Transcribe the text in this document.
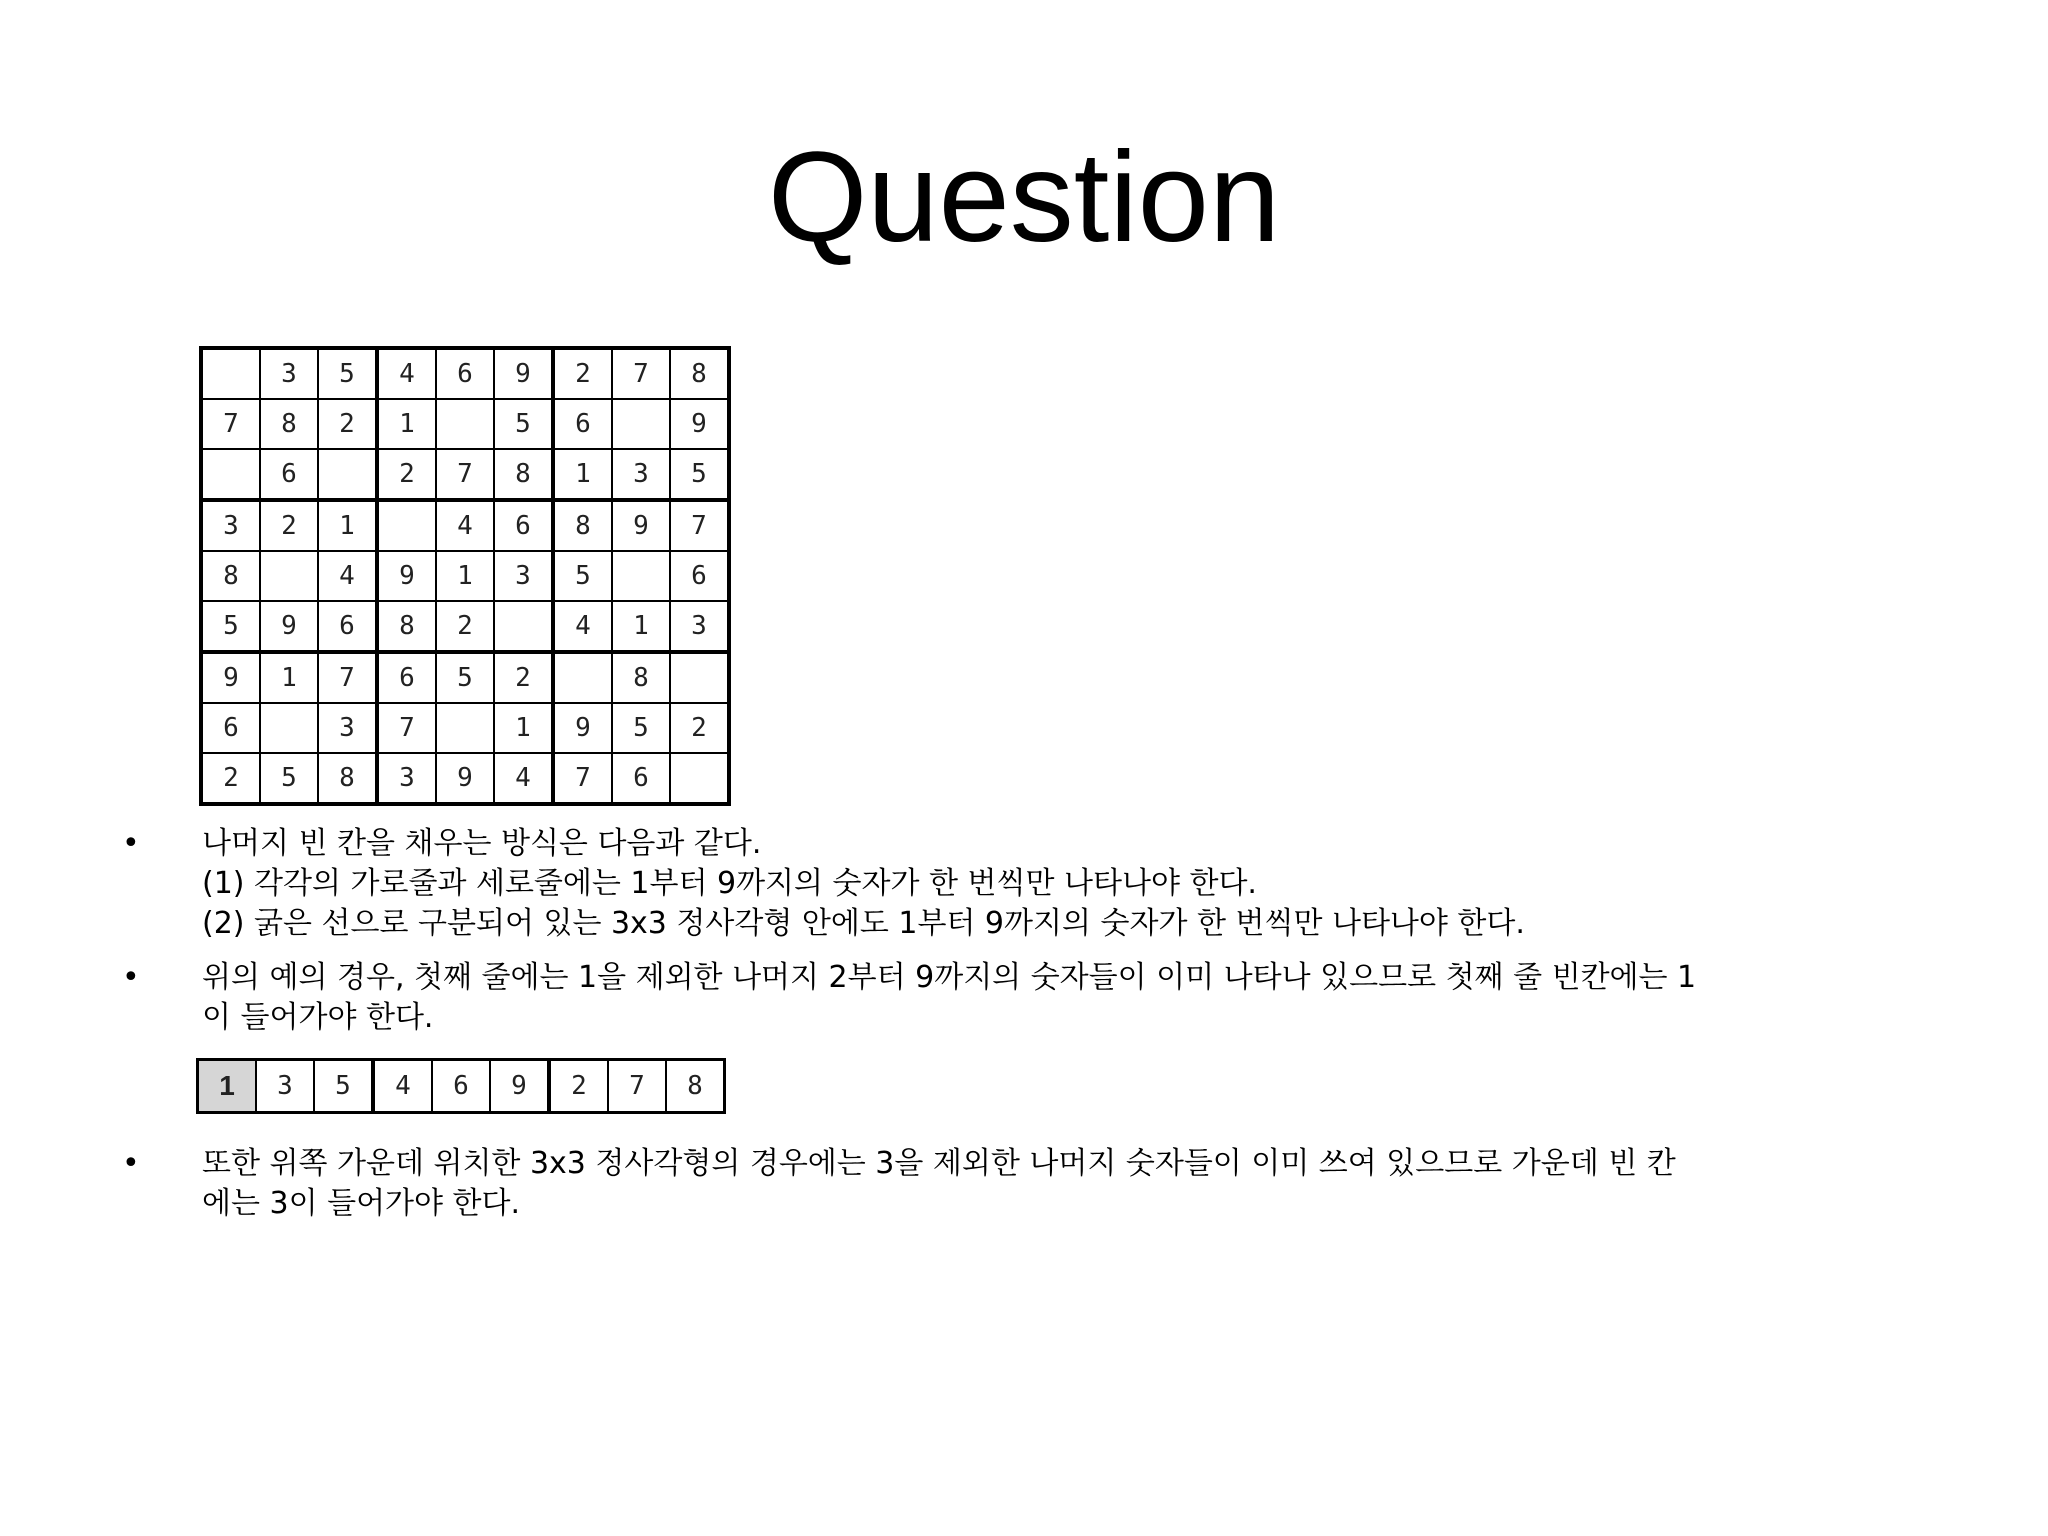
Question
	3	5	4	6	9	2	7	8
7	8	2	1		5	6		9
	6		2	7	8	1	3	5
3	2	1		4	6	8	9	7
8		4	9	1	3	5		6
5	9	6	8	2		4	1	3
9	1	7	6	5	2		8	
6		3	7		1	9	5	2
2	5	8	3	9	4	7	6	
• 나머지 빈 칸을 채우는 방식은 다음과 같다.
(1) 각각의 가로줄과 세로줄에는 1부터 9까지의 숫자가 한 번씩만 나타나야 한다.
(2) 굵은 선으로 구분되어 있는 3x3 정사각형 안에도 1부터 9까지의 숫자가 한 번씩만 나타나야 한다.
• 위의 예의 경우, 첫째 줄에는 1을 제외한 나머지 2부터 9까지의 숫자들이 이미 나타나 있으므로 첫째 줄 빈칸에는 1
이 들어가야 한다.
1	3	5	4	6	9	2	7	8
• 또한 위쪽 가운데 위치한 3x3 정사각형의 경우에는 3을 제외한 나머지 숫자들이 이미 쓰여 있으므로 가운데 빈 칸
에는 3이 들어가야 한다.
